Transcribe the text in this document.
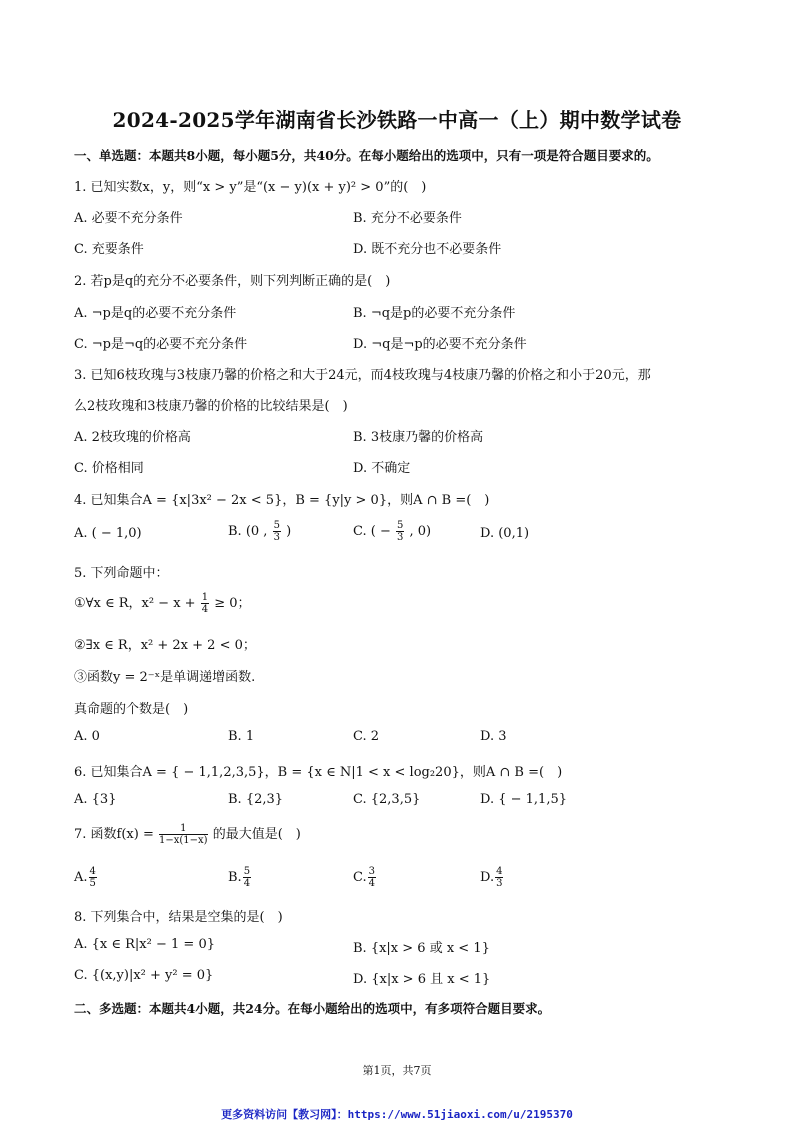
2024-2025学年湖南省长沙铁路一中高一（上）期中数学试卷
一、单选题：本题共8小题，每小题5分，共40分。在每小题给出的选项中，只有一项是符合题目要求的。
1. 已知实数x，y，则“x > y”是“(x − y)(x + y)² > 0”的(　)
A. 必要不充分条件	B. 充分不必要条件
C. 充要条件	D. 既不充分也不必要条件
2. 若p是q的充分不必要条件，则下列判断正确的是(　)
A. ¬p是q的必要不充分条件	B. ¬q是p的必要不充分条件
C. ¬p是¬q的必要不充分条件	D. ¬q是¬p的必要不充分条件
3. 已知6枝玫瑰与3枝康乃馨的价格之和大于24元，而4枝玫瑰与4枝康乃馨的价格之和小于20元，那
么2枝玫瑰和3枝康乃馨的价格的比较结果是(　)
A. 2枝玫瑰的价格高	B. 3枝康乃馨的价格高
C. 价格相同	D. 不确定
4. 已知集合A = {x|3x² − 2x < 5}，B = {y|y > 0}，则A ∩ B =(　)
A. ( − 1,0)	B. (0 , $\frac{5}{3}$ )	C. ( − $\frac{5}{3}$ , 0)	D. (0,1)
5. 下列命题中：
①∀x ∈ R，$x^2 - x + \frac{1}{4} \ge 0$；
②∃x ∈ R，x² + 2x + 2 < 0；
③函数y = 2⁻ˣ是单调递增函数.
真命题的个数是(　)
A. 0	B. 1	C. 2	D. 3
6. 已知集合A = { − 1,1,2,3,5}，B = {x ∈ N|1 < x < log₂20}，则A ∩ B =(　)
A. {3}	B. {2,3}	C. {2,3,5}	D. { − 1,1,5}
7. 函数$f(x) = \frac{1}{1-x(1-x)}$ 的最大值是(　)
A. $\frac{4}{5}$	B. $\frac{5}{4}$	C. $\frac{3}{4}$	D. $\frac{4}{3}$
8. 下列集合中，结果是空集的是(　)
A. {x ∈ R|x² − 1 = 0}	B. {x|x > 6 或 x < 1}
C. {(x,y)|x² + y² = 0}	D. {x|x > 6 且 x < 1}
二、多选题：本题共4小题，共24分。在每小题给出的选项中，有多项符合题目要求。
第1页，共7页
更多资料访问【教习网】：https://www.51jiaoxi.com/u/2195370
